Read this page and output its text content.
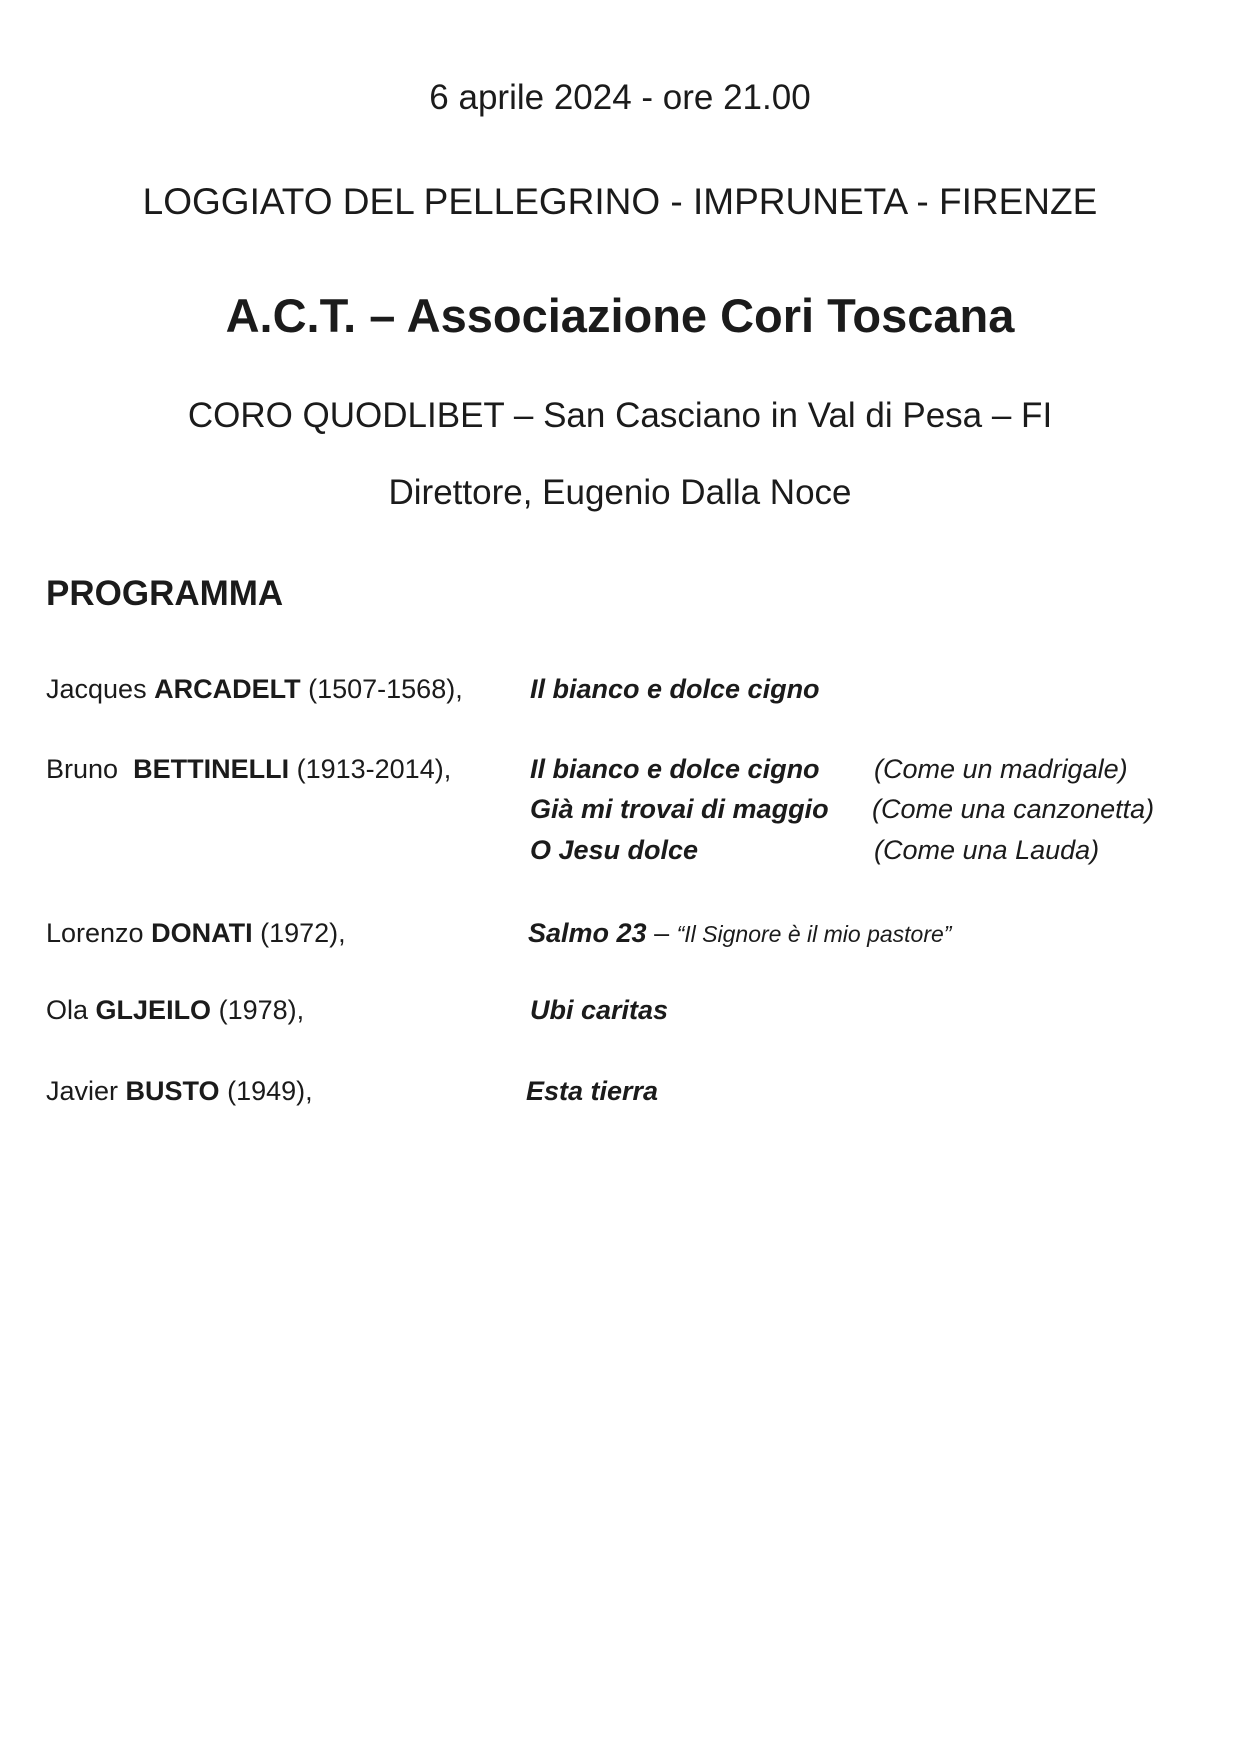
6 aprile 2024 - ore 21.00
LOGGIATO DEL PELLEGRINO - IMPRUNETA - FIRENZE
A.C.T. – Associazione Cori Toscana
CORO QUODLIBET – San Casciano in Val di Pesa – FI
Direttore, Eugenio Dalla Noce
PROGRAMMA
Jacques ARCADELT (1507-1568), Il bianco e dolce cigno
Bruno BETTINELLI (1913-2014),	Il bianco e dolce cigno (Come un madrigale)
Già mi trovai di maggio (Come una canzonetta)
O Jesu dolce	(Come una Lauda)
Lorenzo DONATI (1972),	Salmo 23 – “Il Signore è il mio pastore”
Ola GLJEILO (1978),	Ubi caritas
Javier BUSTO (1949),	Esta tierra
